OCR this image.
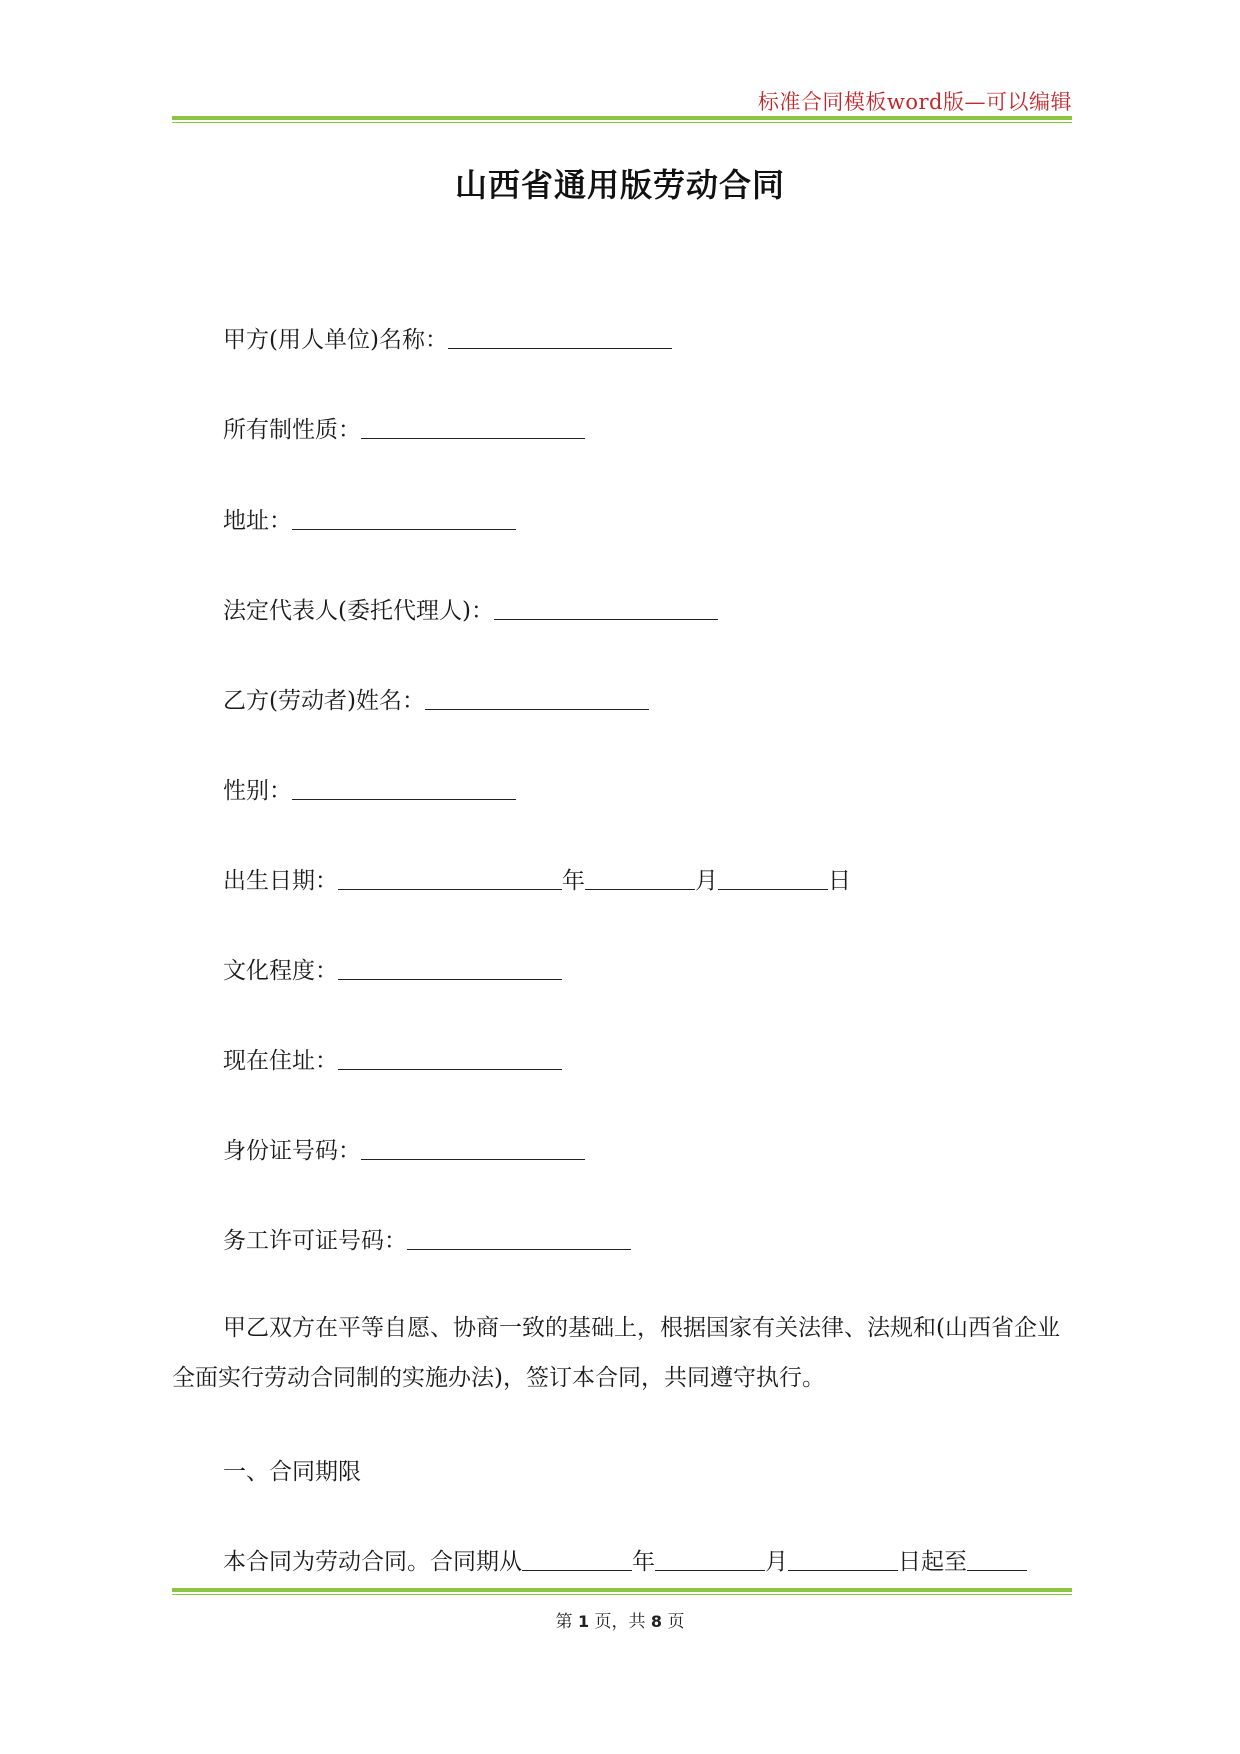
标准合同模板word版—可以编辑
山西省通用版劳动合同
甲方(用人单位)名称：
所有制性质：
地址：
法定代表人(委托代理人)：
乙方(劳动者)姓名：
性别：
出生日期：	年	月	日
文化程度：
现在住址：
身份证号码：
务工许可证号码：
甲乙双方在平等自愿、协商一致的基础上，根据国家有关法律、法规和(山西省企业全面实行劳动合同制的实施办法)，签订本合同，共同遵守执行。
一、合同期限
本合同为劳动合同。合同期从	年	月	日起至
第 1 页，共 8 页
